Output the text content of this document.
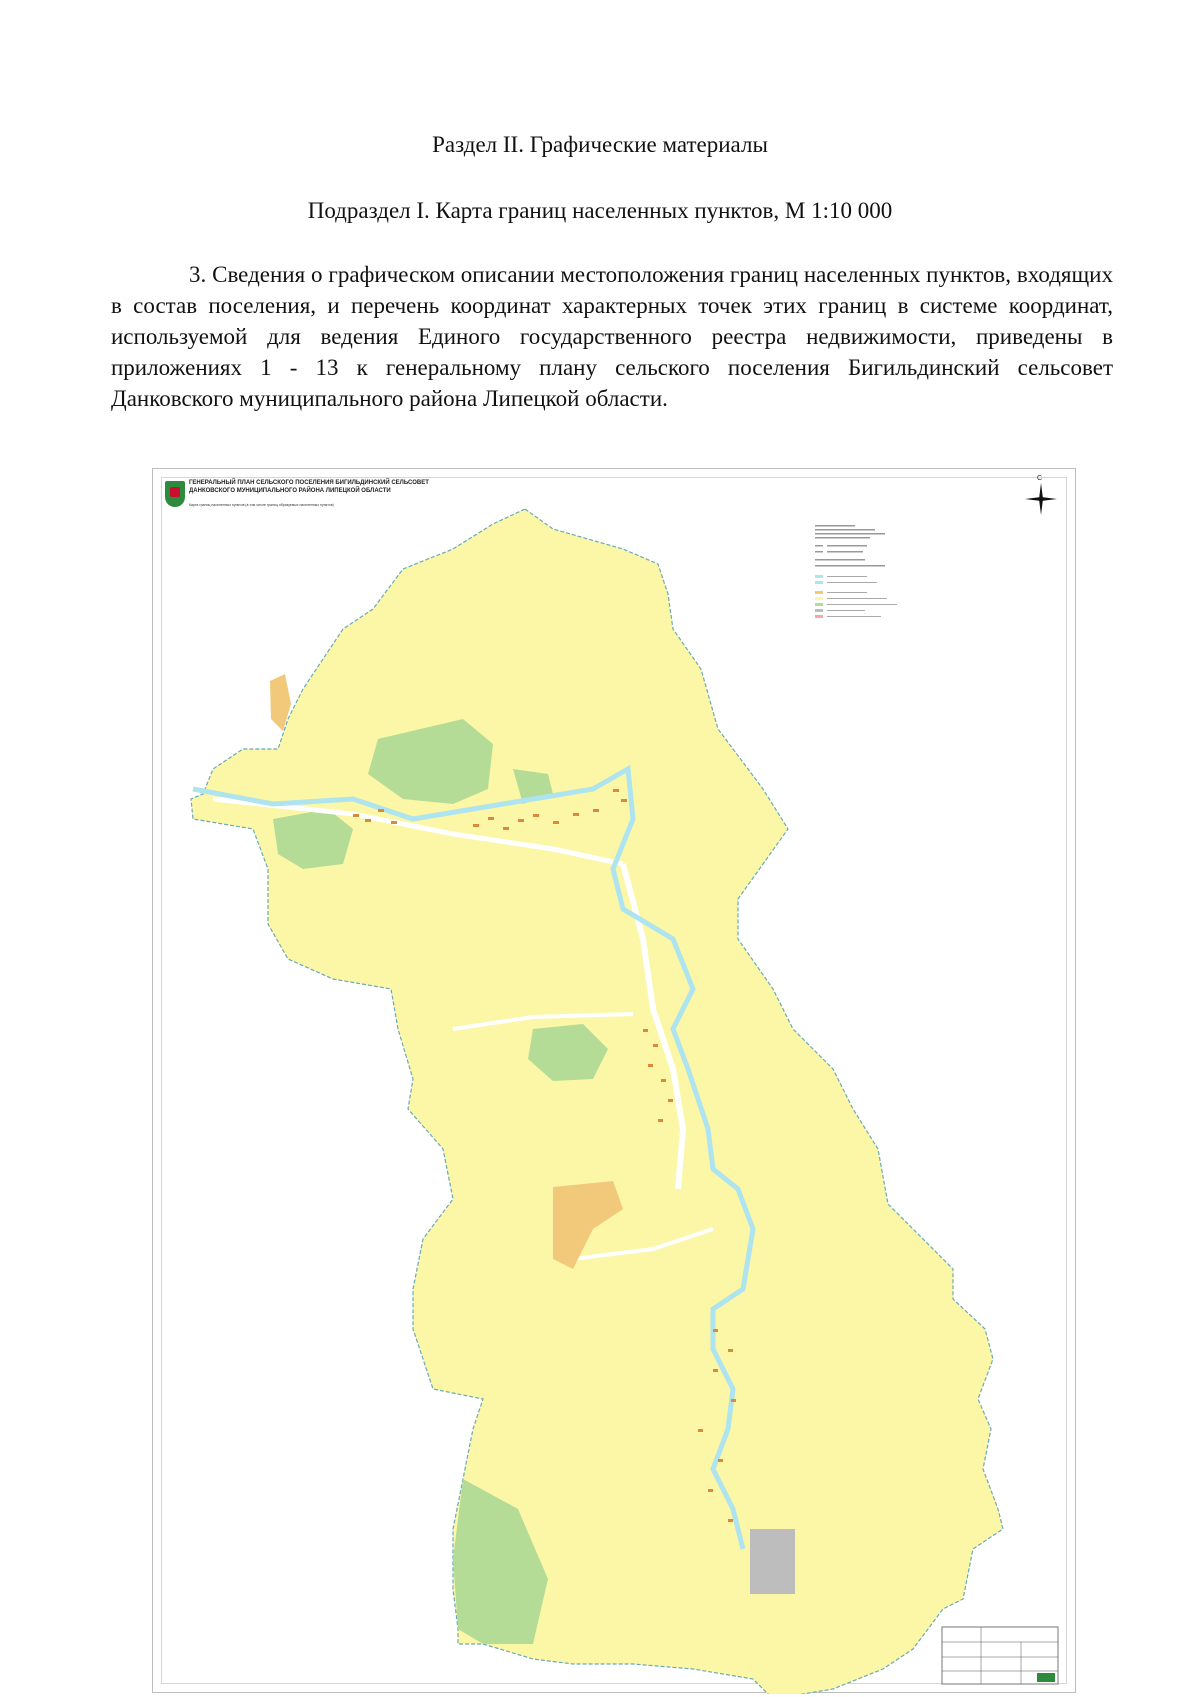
Раздел II. Графические материалы
Подраздел I. Карта границ населенных пунктов, М 1:10 000

3. Сведения о графическом описании местоположения границ населенных пунктов, входящих в состав поселения, и перечень координат характерных точек этих границ в системе координат, используемой для ведения Единого государственного реестра недвижимости, приведены в приложениях 1 - 13 к генеральному плану сельского поселения Бигильдинский сельсовет Данковского муниципального района Липецкой области.

ГЕНЕРАЛЬНЫЙ ПЛАН СЕЛЬСКОГО ПОСЕЛЕНИЯ БИГИЛЬДИНСКИЙ СЕЛЬСОВЕТ
ДАНКОВСКОГО МУНИЦИПАЛЬНОГО РАЙОНА ЛИПЕЦКОЙ ОБЛАСТИ
Карта границ населенных пунктов (в том числе границ образуемых населенных пунктов)
С
